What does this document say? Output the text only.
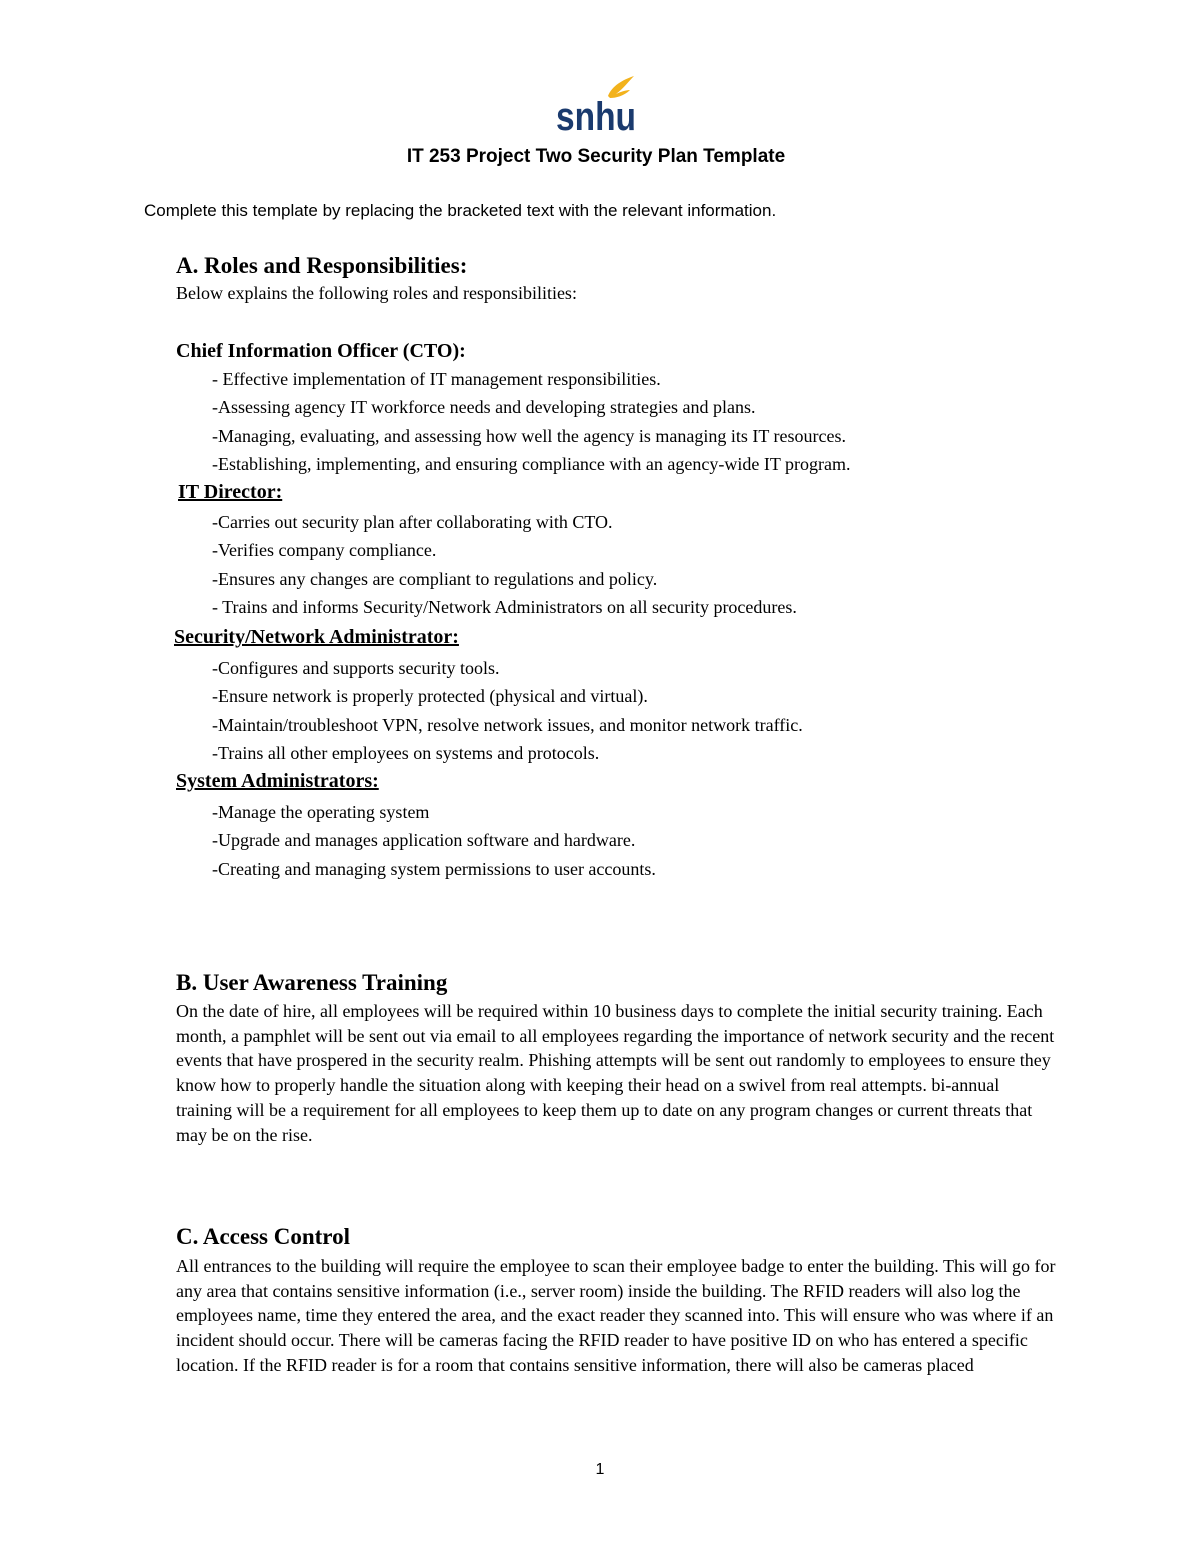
snhu
IT 253 Project Two Security Plan Template
Complete this template by replacing the bracketed text with the relevant information.
A. Roles and Responsibilities:

Below explains the following roles and responsibilities:

Chief Information Officer (CTO):
- Effective implementation of IT management responsibilities.
-Assessing agency IT workforce needs and developing strategies and plans.
-Managing, evaluating, and assessing how well the agency is managing its IT resources.
-Establishing, implementing, and ensuring compliance with an agency-wide IT program.
IT Director:
-Carries out security plan after collaborating with CTO.
-Verifies company compliance.
-Ensures any changes are compliant to regulations and policy.
- Trains and informs Security/Network Administrators on all security procedures.
Security/Network Administrator:
-Configures and supports security tools.
-Ensure network is properly protected (physical and virtual).
-Maintain/troubleshoot VPN, resolve network issues, and monitor network traffic.
-Trains all other employees on systems and protocols.
System Administrators:
-Manage the operating system
-Upgrade and manages application software and hardware.
-Creating and managing system permissions to user accounts.
B. User Awareness Training

On the date of hire, all employees will be required within 10 business days to complete the initial security training. Each month, a pamphlet will be sent out via email to all employees regarding the importance of network security and the recent events that have prospered in the security realm. Phishing attempts will be sent out randomly to employees to ensure they know how to properly handle the situation along with keeping their head on a swivel from real attempts. bi-annual training will be a requirement for all employees to keep them up to date on any program changes or current threats that may be on the rise.

C. Access Control

All entrances to the building will require the employee to scan their employee badge to enter the building. This will go for any area that contains sensitive information (i.e., server room) inside the building. The RFID readers will also log the employees name, time they entered the area, and the exact reader they scanned into. This will ensure who was where if an incident should occur. There will be cameras facing the RFID reader to have positive ID on who has entered a specific location. If the RFID reader is for a room that contains sensitive information, there will also be cameras placed

1
